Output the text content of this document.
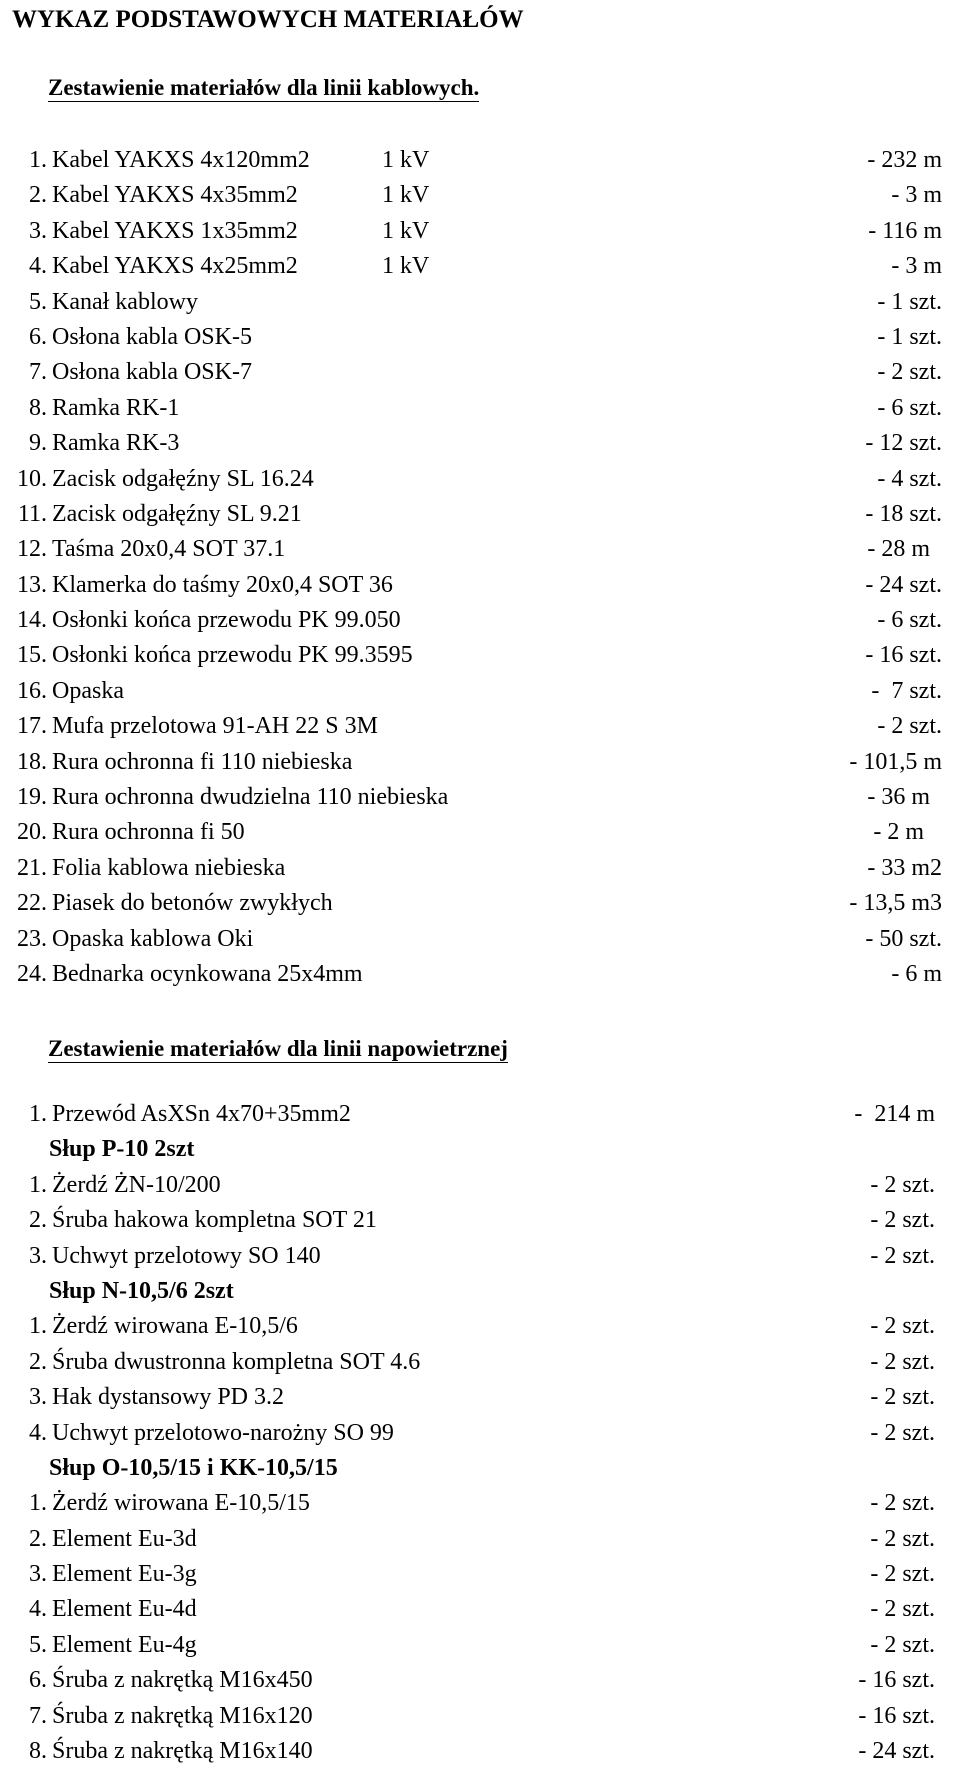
WYKAZ PODSTAWOWYCH MATERIAŁÓW
Zestawienie materiałów dla linii kablowych.
1. Kabel YAKXS 4x120mm2	1 kV	- 232 m
2. Kabel YAKXS 4x35mm2	1 kV	- 3 m
3. Kabel YAKXS 1x35mm2	1 kV	- 116 m
4. Kabel YAKXS 4x25mm2	1 kV	- 3 m
5. Kanał kablowy	- 1 szt.
6. Osłona kabla OSK-5	- 1 szt.
7. Osłona kabla OSK-7	- 2 szt.
8. Ramka RK-1	- 6 szt.
9. Ramka RK-3	- 12 szt.
10. Zacisk odgałęźny SL 16.24	- 4 szt.
11. Zacisk odgałęźny SL 9.21	- 18 szt.
12. Taśma 20x0,4 SOT 37.1	- 28 m
13. Klamerka do taśmy 20x0,4 SOT 36	- 24 szt.
14. Osłonki końca przewodu PK 99.050	- 6 szt.
15. Osłonki końca przewodu PK 99.3595	- 16 szt.
16. Opaska	-  7 szt.
17. Mufa przelotowa 91-AH 22 S 3M	- 2 szt.
18. Rura ochronna fi 110 niebieska	- 101,5 m
19. Rura ochronna dwudzielna 110 niebieska	- 36 m
20. Rura ochronna fi 50	- 2 m
21. Folia kablowa niebieska	- 33 m2
22. Piasek do betonów zwykłych	- 13,5 m3
23. Opaska kablowa Oki	- 50 szt.
24. Bednarka ocynkowana 25x4mm	- 6 m
Zestawienie materiałów dla linii napowietrznej
1. Przewód AsXSn 4x70+35mm2	-  214 m
Słup P-10 2szt
1. Żerdź ŻN-10/200	- 2 szt.
2. Śruba hakowa kompletna SOT 21	- 2 szt.
3. Uchwyt przelotowy SO 140	- 2 szt.
Słup N-10,5/6 2szt
1. Żerdź wirowana E-10,5/6	- 2 szt.
2. Śruba dwustronna kompletna SOT 4.6	- 2 szt.
3. Hak dystansowy PD 3.2	- 2 szt.
4. Uchwyt przelotowo-narożny SO 99	- 2 szt.
Słup O-10,5/15 i KK-10,5/15
1. Żerdź wirowana E-10,5/15	- 2 szt.
2. Element Eu-3d	- 2 szt.
3. Element Eu-3g	- 2 szt.
4. Element Eu-4d	- 2 szt.
5. Element Eu-4g	- 2 szt.
6. Śruba z nakrętką M16x450	- 16 szt.
7. Śruba z nakrętką M16x120	- 16 szt.
8. Śruba z nakrętką M16x140	- 24 szt.
